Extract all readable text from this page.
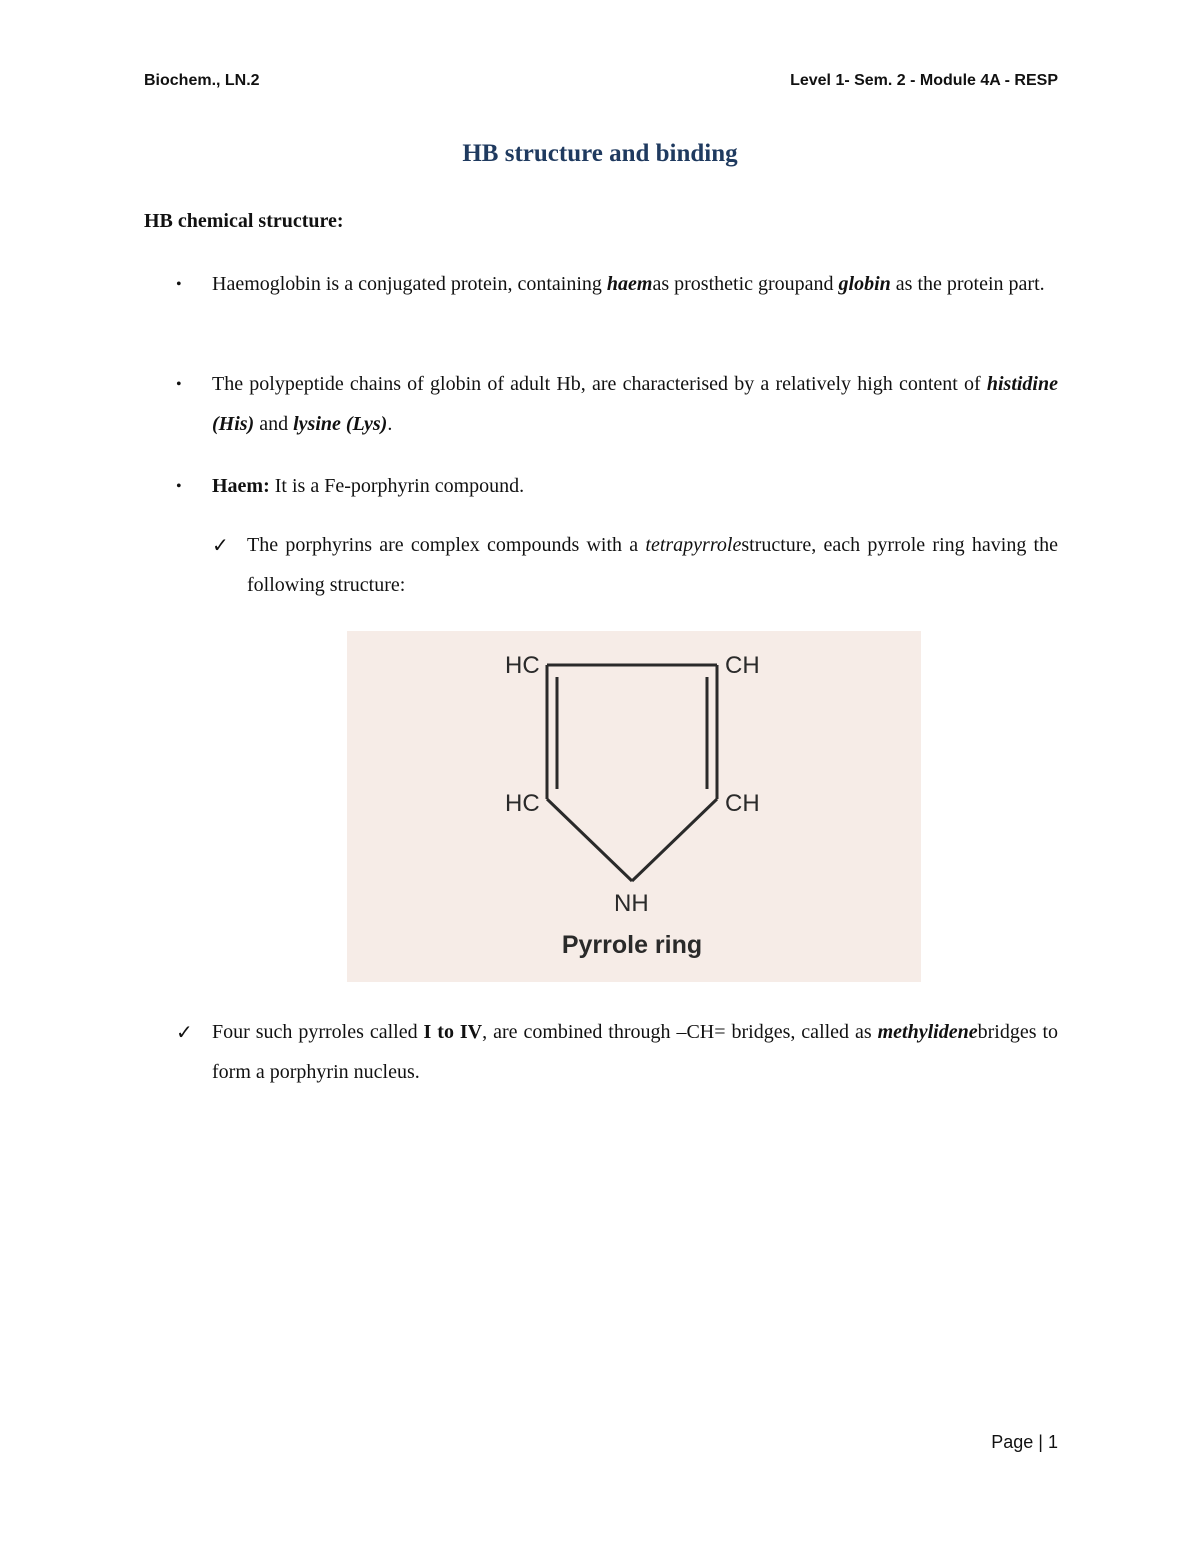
Biochem., LN.2	Level 1- Sem. 2 - Module 4A - RESP
HB structure and binding
HB chemical structure:
• Haemoglobin is a conjugated protein, containing haemas prosthetic groupand globin as the protein part.
• The polypeptide chains of globin of adult Hb, are characterised by a relatively high content of histidine (His) and lysine (Lys).
• Haem: It is a Fe-porphyrin compound.
✓ The porphyrins are complex compounds with a tetrapyrrolestructure, each pyrrole ring having the following structure:
HC	CH
HC	CH
NH
Pyrrole ring
✓ Four such pyrroles called I to IV, are combined through –CH= bridges, called as methylidenebridges to form a porphyrin nucleus.
Page | 1
